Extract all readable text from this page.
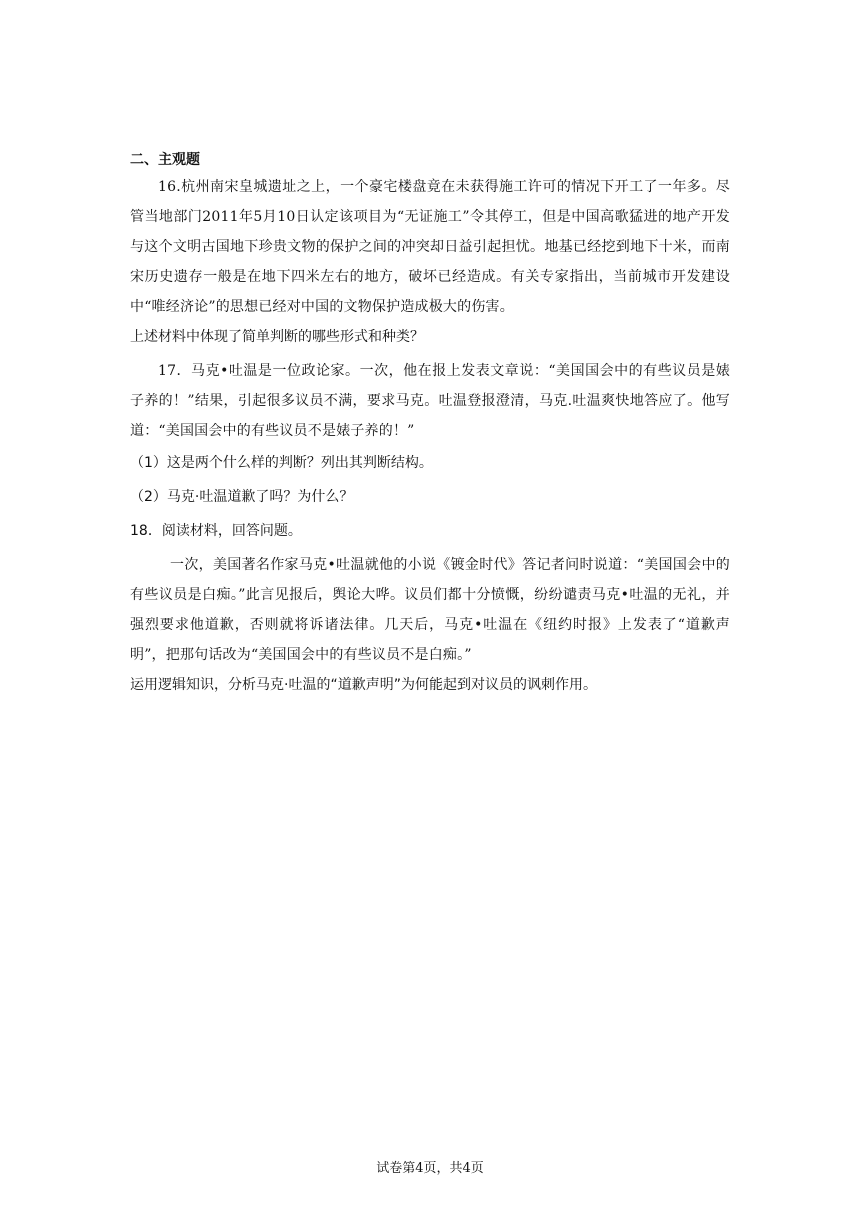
二、主观题

16.杭州南宋皇城遗址之上，一个豪宅楼盘竟在未获得施工许可的情况下开工了一年多。尽管当地部门2011年5月10日认定该项目为“无证施工”令其停工，但是中国高歌猛进的地产开发与这个文明古国地下珍贵文物的保护之间的冲突却日益引起担忧。地基已经挖到地下十米，而南宋历史遗存一般是在地下四米左右的地方，破坏已经造成。有关专家指出，当前城市开发建设中“唯经济论”的思想已经对中国的文物保护造成极大的伤害。

上述材料中体现了简单判断的哪些形式和种类？

17．马克•吐温是一位政论家。一次，他在报上发表文章说：“美国国会中的有些议员是婊子养的！”结果，引起很多议员不满，要求马克。吐温登报澄清，马克.吐温爽快地答应了。他写道：“美国国会中的有些议员不是婊子养的！”

（1）这是两个什么样的判断？列出其判断结构。

（2）马克·吐温道歉了吗？为什么？

18．阅读材料，回答问题。

一次，美国著名作家马克•吐温就他的小说《镀金时代》答记者问时说道：“美国国会中的有些议员是白痴。”此言见报后，舆论大哗。议员们都十分愤慨，纷纷谴责马克•吐温的无礼，并强烈要求他道歉，否则就将诉诸法律。几天后，马克•吐温在《纽约时报》上发表了“道歉声明”，把那句话改为“美国国会中的有些议员不是白痴。”

运用逻辑知识，分析马克·吐温的“道歉声明”为何能起到对议员的讽刺作用。

试卷第4页，共4页
